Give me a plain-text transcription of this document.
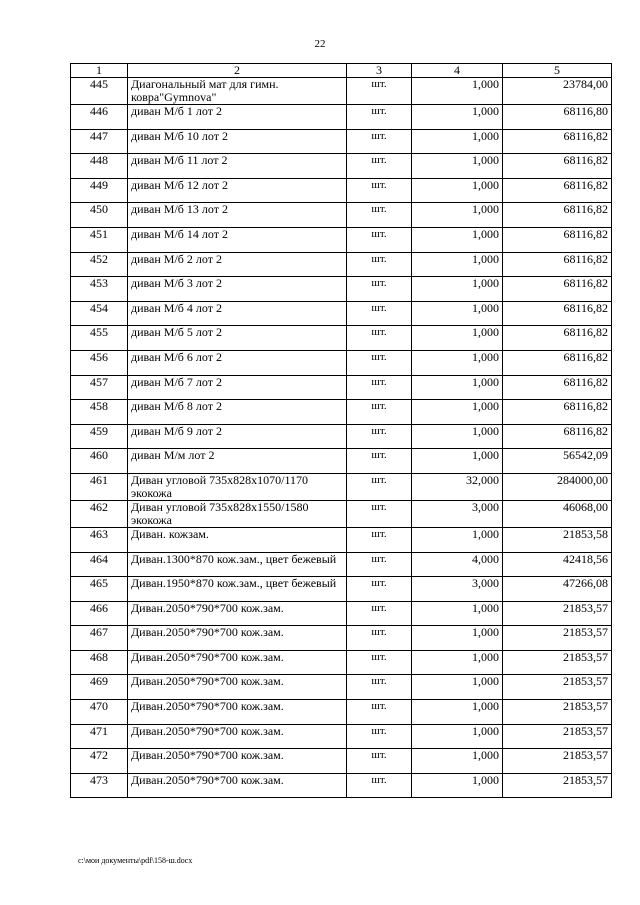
22
1	2	3	4	5
445	Диагональный мат для гимн. ковра"Gymnova"	шт.	1,000	23784,00
446	диван М/б 1 лот 2	шт.	1,000	68116,80
447	диван М/б 10 лот 2	шт.	1,000	68116,82
448	диван М/б 11 лот 2	шт.	1,000	68116,82
449	диван М/б 12 лот 2	шт.	1,000	68116,82
450	диван М/б 13 лот 2	шт.	1,000	68116,82
451	диван М/б 14 лот 2	шт.	1,000	68116,82
452	диван М/б 2 лот 2	шт.	1,000	68116,82
453	диван М/б 3 лот 2	шт.	1,000	68116,82
454	диван М/б 4 лот 2	шт.	1,000	68116,82
455	диван М/б 5 лот 2	шт.	1,000	68116,82
456	диван М/б 6 лот 2	шт.	1,000	68116,82
457	диван М/б 7 лот 2	шт.	1,000	68116,82
458	диван М/б 8 лот 2	шт.	1,000	68116,82
459	диван М/б 9 лот 2	шт.	1,000	68116,82
460	диван М/м лот 2	шт.	1,000	56542,09
461	Диван угловой 735х828х1070/1170 экокожа	шт.	32,000	284000,00
462	Диван угловой 735х828х1550/1580 экокожа	шт.	3,000	46068,00
463	Диван. кожзам.	шт.	1,000	21853,58
464	Диван.1300*870 кож.зам., цвет бежевый	шт.	4,000	42418,56
465	Диван.1950*870 кож.зам., цвет бежевый	шт.	3,000	47266,08
466	Диван.2050*790*700 кож.зам.	шт.	1,000	21853,57
467	Диван.2050*790*700 кож.зам.	шт.	1,000	21853,57
468	Диван.2050*790*700 кож.зам.	шт.	1,000	21853,57
469	Диван.2050*790*700 кож.зам.	шт.	1,000	21853,57
470	Диван.2050*790*700 кож.зам.	шт.	1,000	21853,57
471	Диван.2050*790*700 кож.зам.	шт.	1,000	21853,57
472	Диван.2050*790*700 кож.зам.	шт.	1,000	21853,57
473	Диван.2050*790*700 кож.зам.	шт.	1,000	21853,57
c:\мои документы\pdf\158-ш.docx
